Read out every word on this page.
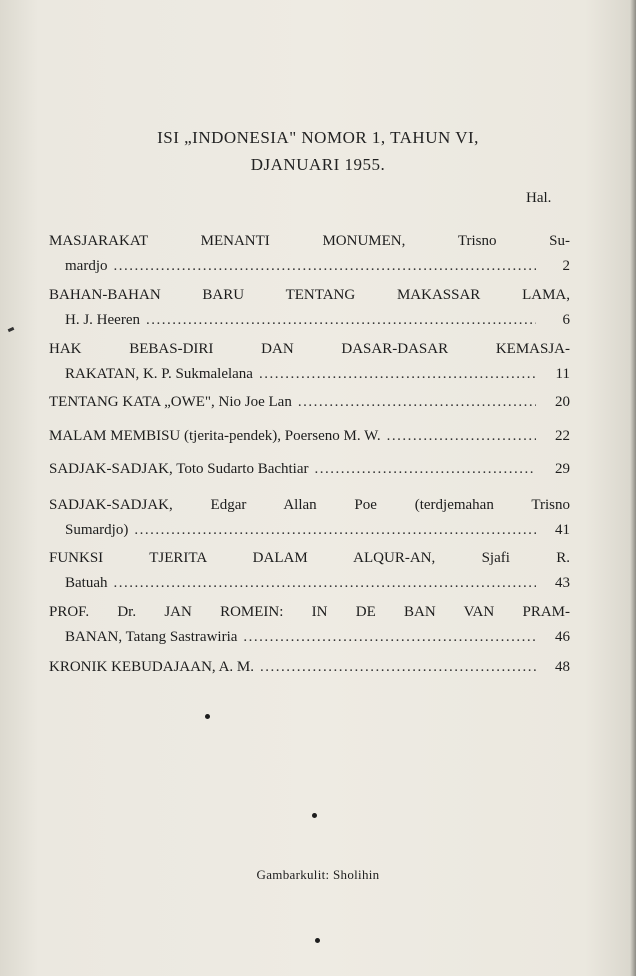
ISI „INDONESIA" NOMOR 1, TAHUN VI,
DJANUARI 1955.
Hal.
MASJARAKAT MENANTI MONUMEN, Trisno Su-
mardjo .....	2
BAHAN-BAHAN BARU TENTANG MAKASSAR LAMA,
H. J. Heeren .....	6
HAK BEBAS-DIRI DAN DASAR-DASAR KEMASJA-
RAKATAN, K. P. Sukmalelana .....	11
TENTANG KATA „OWE", Nio Joe Lan .....	20
MALAM MEMBISU (tjerita-pendek), Poerseno M. W. .....	22
SADJAK-SADJAK, Toto Sudarto Bachtiar .....	29
SADJAK-SADJAK, Edgar Allan Poe (terdjemahan Trisno
Sumardjo) .....	41
FUNKSI TJERITA DALAM ALQUR-AN, Sjafi R.
Batuah .....	43
PROF. Dr. JAN ROMEIN: IN DE BAN VAN PRAM-
BANAN, Tatang Sastrawiria .....	46
KRONIK KEBUDAJAAN, A. M. .....	48
Gambarkulit: Sholihin
